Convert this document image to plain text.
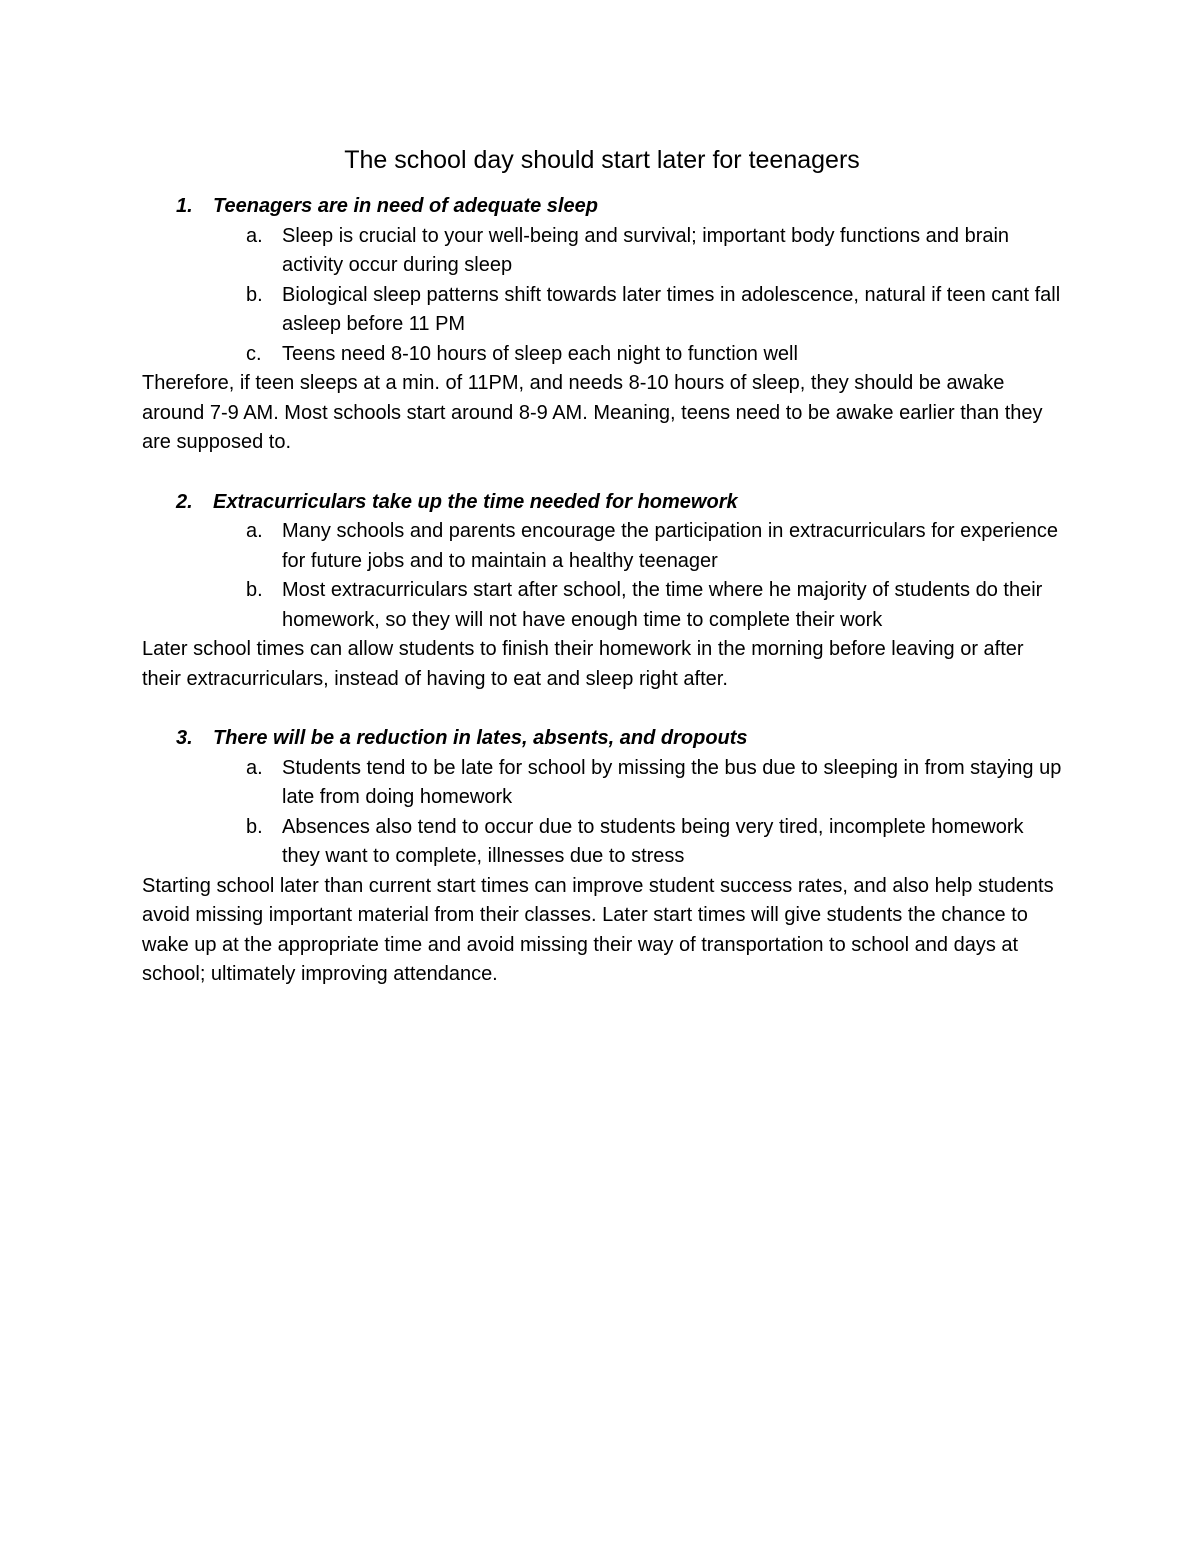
The school day should start later for teenagers
1.	Teenagers are in need of adequate sleep
a. Sleep is crucial to your well-being and survival; important body functions and brain activity occur during sleep
b. Biological sleep patterns shift towards later times in adolescence, natural if teen cant fall asleep before 11 PM
c.	Teens need 8-10 hours of sleep each night to function well

Therefore, if teen sleeps at a min. of 11PM, and needs 8-10 hours of sleep, they should be awake around 7-9 AM. Most schools start around 8-9 AM. Meaning, teens need to be awake earlier than they are supposed to.

2.	Extracurriculars take up the time needed for homework
a. Many schools and parents encourage the participation in extracurriculars for experience for future jobs and to maintain a healthy teenager
b. Most extracurriculars start after school, the time where he majority of students do their homework, so they will not have enough time to complete their work

Later school times can allow students to finish their homework in the morning before leaving or after their extracurriculars, instead of having to eat and sleep right after.

3.	There will be a reduction in lates, absents, and dropouts
a. Students tend to be late for school by missing the bus due to sleeping in from staying up late from doing homework
b. Absences also tend to occur due to students being very tired, incomplete homework they want to complete, illnesses due to stress

Starting school later than current start times can improve student success rates, and also help students avoid missing important material from their classes. Later start times will give students the chance to wake up at the appropriate time and avoid missing their way of transportation to school and days at school; ultimately improving attendance.
